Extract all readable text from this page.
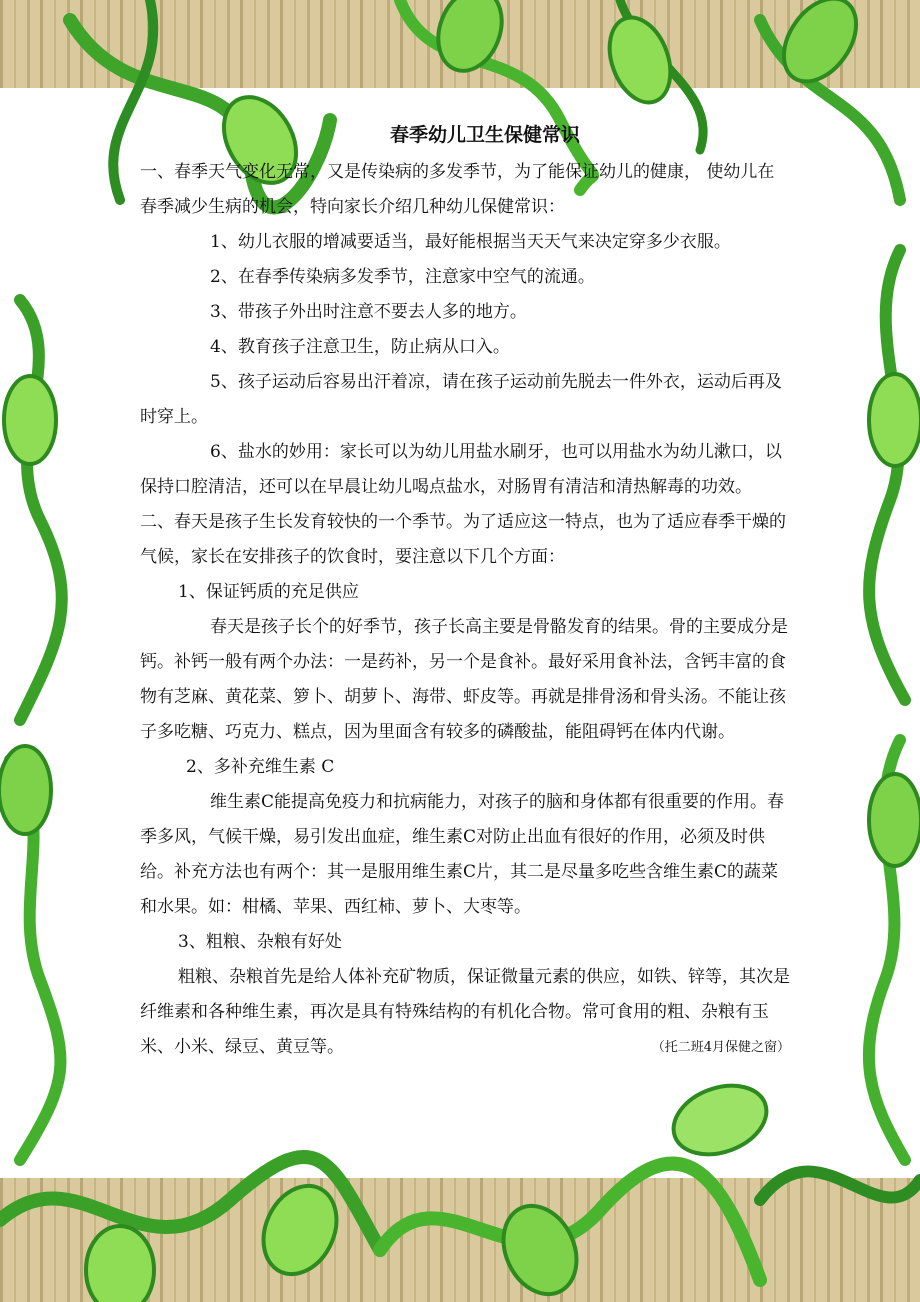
春季幼儿卫生保健常识

一、春季天气变化无常，又是传染病的多发季节，为了能保证幼儿的健康， 使幼儿在春季减少生病的机会，特向家长介绍几种幼儿保健常识：

1、幼儿衣服的增减要适当，最好能根据当天天气来决定穿多少衣服。

2、在春季传染病多发季节，注意家中空气的流通。

3、带孩子外出时注意不要去人多的地方。

4、教育孩子注意卫生，防止病从口入。

5、孩子运动后容易出汗着凉，请在孩子运动前先脱去一件外衣，运动后再及时穿上。

6、盐水的妙用：家长可以为幼儿用盐水刷牙，也可以用盐水为幼儿漱口，以保持口腔清洁，还可以在早晨让幼儿喝点盐水，对肠胃有清洁和清热解毒的功效。

二、春天是孩子生长发育较快的一个季节。为了适应这一特点，也为了适应春季干燥的气候，家长在安排孩子的饮食时，要注意以下几个方面：

1、保证钙质的充足供应

春天是孩子长个的好季节，孩子长高主要是骨骼发育的结果。骨的主要成分是钙。补钙一般有两个办法：一是药补，另一个是食补。最好采用食补法，含钙丰富的食物有芝麻、黄花菜、箩卜、胡萝卜、海带、虾皮等。再就是排骨汤和骨头汤。不能让孩子多吃糖、巧克力、糕点，因为里面含有较多的磷酸盐，能阻碍钙在体内代谢。

2、多补充维生素 C

维生素C能提高免疫力和抗病能力，对孩子的脑和身体都有很重要的作用。春季多风，气候干燥，易引发出血症，维生素C对防止出血有很好的作用，必须及时供给。补充方法也有两个：其一是服用维生素C片，其二是尽量多吃些含维生素C的蔬菜和水果。如：柑橘、苹果、西红柿、萝卜、大枣等。

3、粗粮、杂粮有好处

粗粮、杂粮首先是给人体补充矿物质，保证微量元素的供应，如铁、锌等，其次是纤维素和各种维生素，再次是具有特殊结构的有机化合物。常可食用的粗、杂粮有玉米、小米、绿豆、黄豆等。	（托二班4月保健之窗）
